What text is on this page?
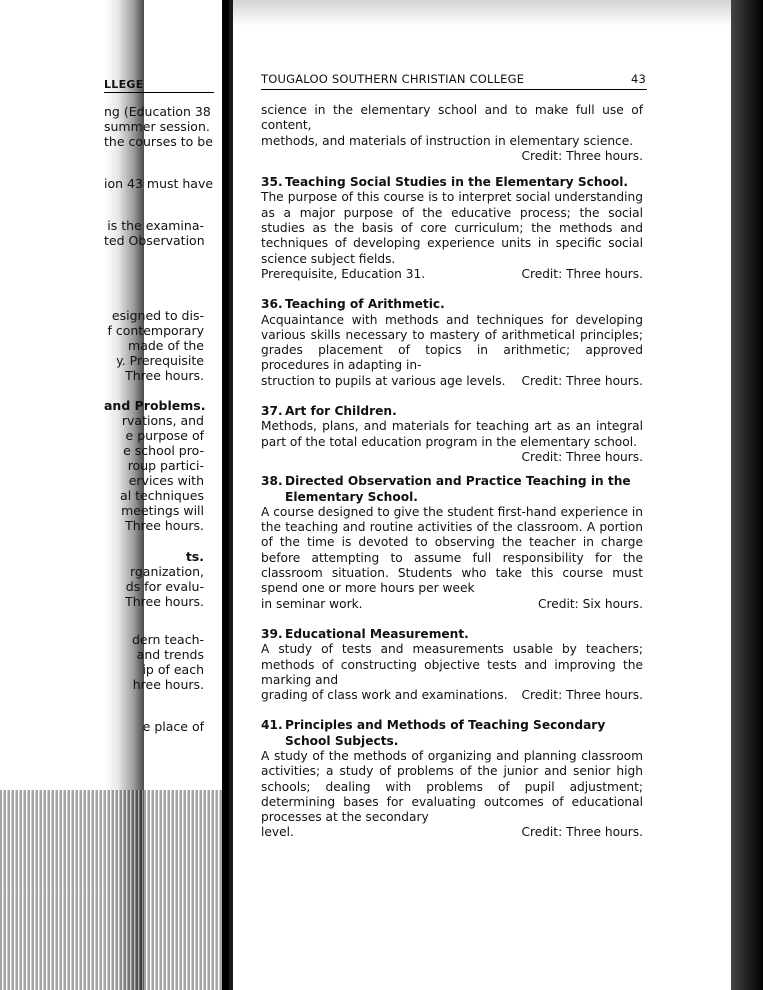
LLEGE
ng (Education 38
summer session.
the courses to be
ion 43 must have
is the examina-
ted Observation
esigned to dis-
f contemporary
made of the
y. Prerequisite
Three hours.
and Problems.
rvations, and
e purpose of
e school pro-
roup partici-
ervices with
al techniques
meetings will
Three hours.
ts.
rganization,
ds for evalu-
Three hours.
dern teach-
and trends
ip of each
hree hours.
e place of
TOUGALOO SOUTHERN CHRISTIAN COLLEGE	43

science in the elementary school and to make full use of content,

methods, and materials of instruction in elementary science.

Credit: Three hours.

35. Teaching Social Studies in the Elementary School.

The purpose of this course is to interpret social understanding as a major purpose of the educative process; the social studies as the basis of core curriculum; the methods and techniques of developing experience units in specific social science subject fields.

Prerequisite, Education 31.	Credit: Three hours.

36. Teaching of Arithmetic.

Acquaintance with methods and techniques for developing various skills necessary to mastery of arithmetical principles; grades placement of topics in arithmetic; approved procedures in adapting in-

struction to pupils at various age levels. Credit: Three hours.

37. Art for Children.

Methods, plans, and materials for teaching art as an integral part of the total education program in the elementary school.

Credit: Three hours.

38. Directed Observation and Practice Teaching in the Elementary School.

A course designed to give the student first-hand experience in the teaching and routine activities of the classroom. A portion of the time is devoted to observing the teacher in charge before attempting to assume full responsibility for the classroom situation. Students who take this course must spend one or more hours per week

in seminar work.	Credit: Six hours.

39. Educational Measurement.

A study of tests and measurements usable by teachers; methods of constructing objective tests and improving the marking and

grading of class work and examinations. Credit: Three hours.

41. Principles and Methods of Teaching Secondary School Subjects.

A study of the methods of organizing and planning classroom activities; a study of problems of the junior and senior high schools; dealing with problems of pupil adjustment; determining bases for evaluating outcomes of educational processes at the secondary

level.	Credit: Three hours.
